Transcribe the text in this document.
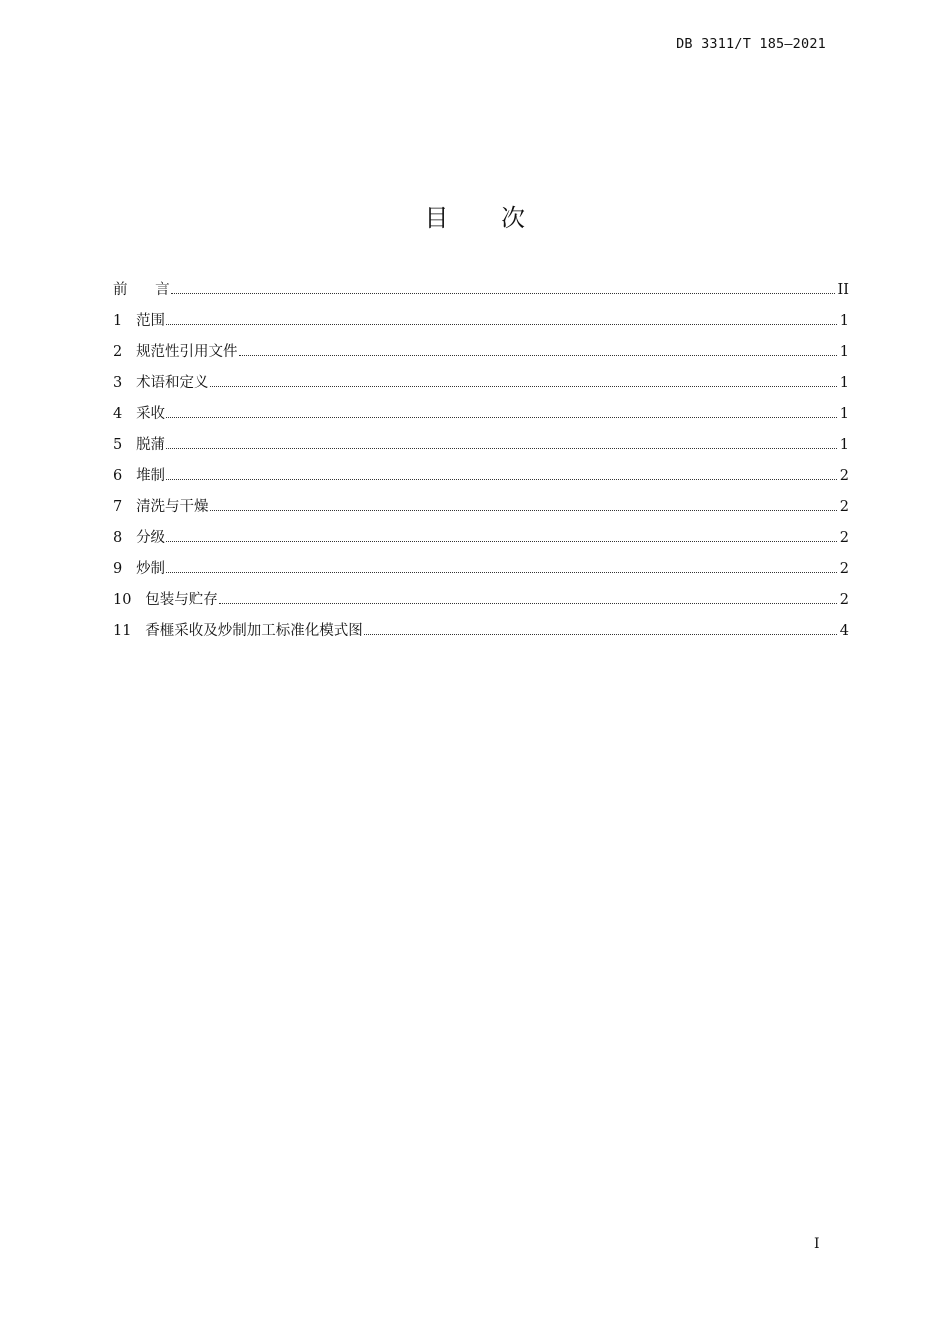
DB 3311/T 185—2021
目 次
前 言	II
1 范围	1
2 规范性引用文件	1
3 术语和定义	1
4 采收	1
5 脱蒲	1
6 堆制	2
7 清洗与干燥	2
8 分级	2
9 炒制	2
10 包装与贮存	2
11 香榧采收及炒制加工标准化模式图	4
I
